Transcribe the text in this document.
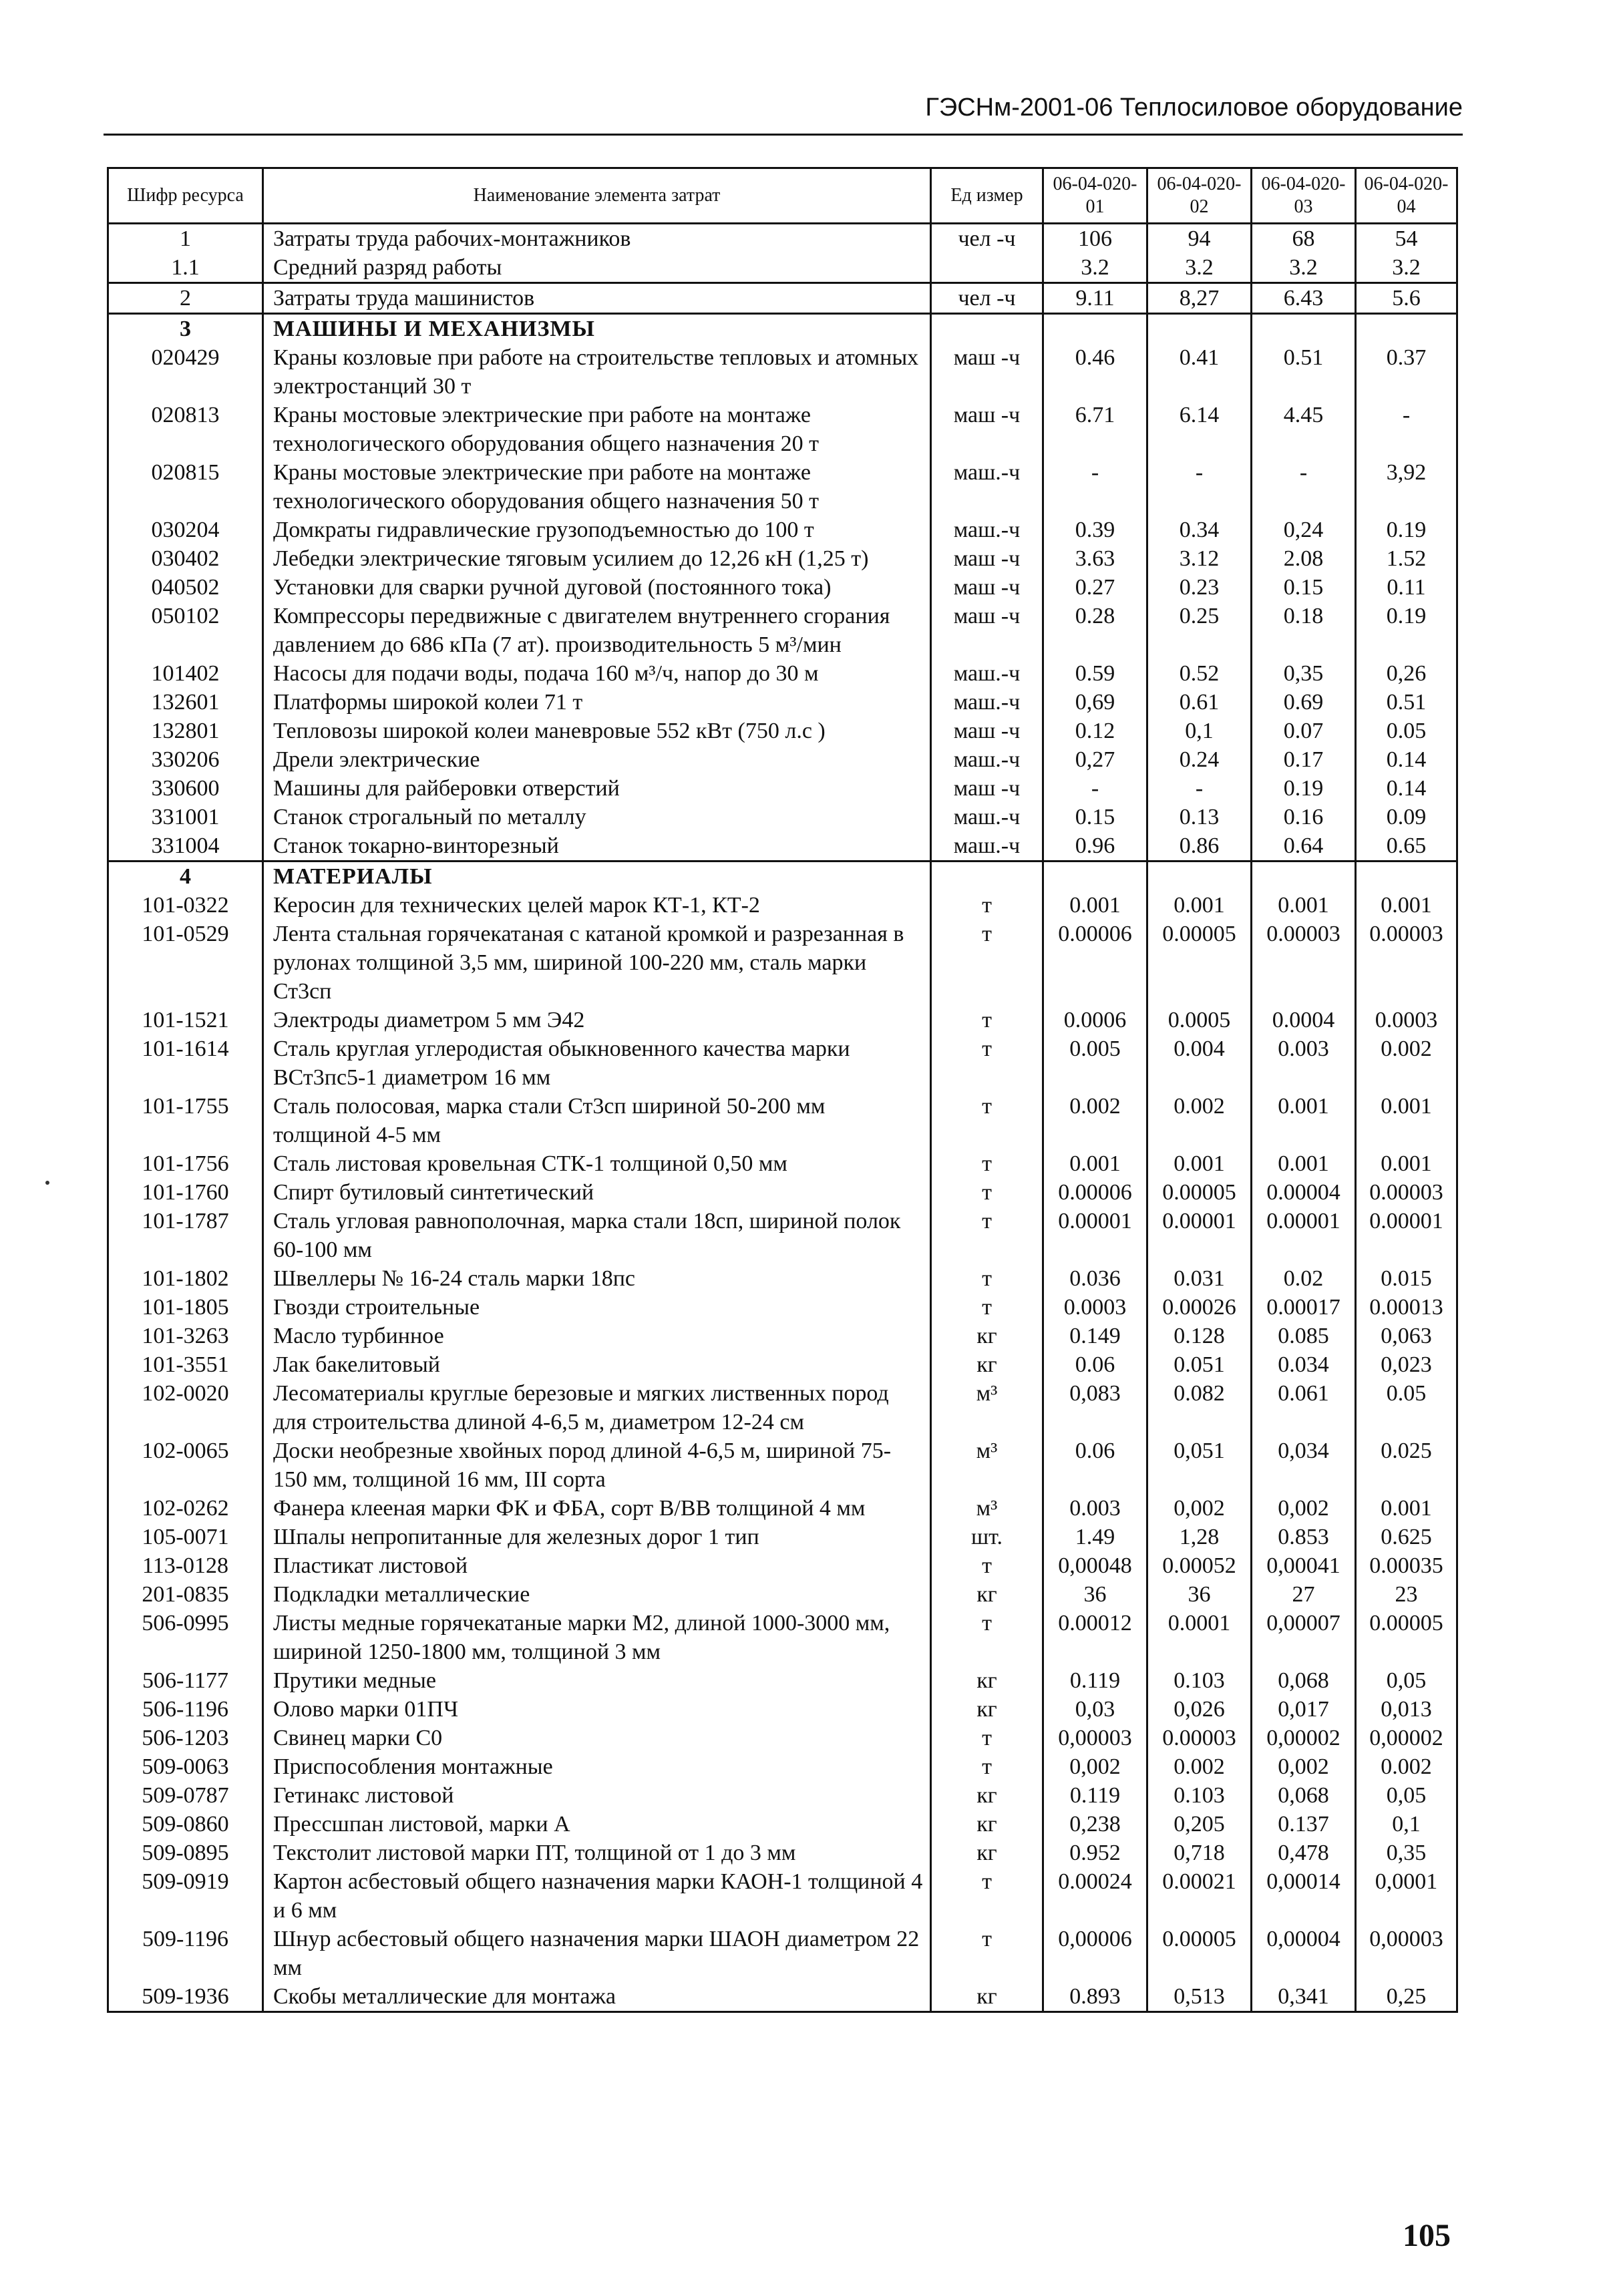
ГЭСНм-2001-06 Теплосиловое оборудование
Шифр ресурса	Наименование элемента затрат	Ед измер	06-04-020-01	06-04-020-02	06-04-020-03	06-04-020-04
1	Затраты труда рабочих-монтажников	чел -ч	106	94	68	54
1.1	Средний разряд работы		3.2	3.2	3.2	3.2
2	Затраты труда машинистов	чел -ч	9.11	8,27	6.43	5.6
3	МАШИНЫ И МЕХАНИЗМЫ					
020429	Краны козловые при работе на строительстве тепловых и атомных электростанций 30 т	маш -ч	0.46	0.41	0.51	0.37
020813	Краны мостовые электрические при работе на монтаже технологического оборудования общего назначения 20 т	маш -ч	6.71	6.14	4.45	-
020815	Краны мостовые электрические при работе на монтаже технологического оборудования общего назначения 50 т	маш.-ч	-	-	-	3,92
030204	Домкраты гидравлические грузоподъемностью до 100 т	маш.-ч	0.39	0.34	0,24	0.19
030402	Лебедки электрические тяговым усилием до 12,26 кН (1,25 т)	маш -ч	3.63	3.12	2.08	1.52
040502	Установки для сварки ручной дуговой (постоянного тока)	маш -ч	0.27	0.23	0.15	0.11
050102	Компрессоры передвижные с двигателем внутреннего сгорания давлением до 686 кПа (7 ат). производительность 5 м³/мин	маш -ч	0.28	0.25	0.18	0.19
101402	Насосы для подачи воды, подача 160 м³/ч, напор до 30 м	маш.-ч	0.59	0.52	0,35	0,26
132601	Платформы широкой колеи 71 т	маш.-ч	0,69	0.61	0.69	0.51
132801	Тепловозы широкой колеи маневровые 552 кВт (750 л.с )	маш -ч	0.12	0,1	0.07	0.05
330206	Дрели электрические	маш.-ч	0,27	0.24	0.17	0.14
330600	Машины для райберовки отверстий	маш -ч	-	-	0.19	0.14
331001	Станок строгальный по металлу	маш.-ч	0.15	0.13	0.16	0.09
331004	Станок токарно-винторезный	маш.-ч	0.96	0.86	0.64	0.65
4	МАТЕРИАЛЫ					
101-0322	Керосин для технических целей марок КТ-1, КТ-2	т	0.001	0.001	0.001	0.001
101-0529	Лента стальная горячекатаная с катаной кромкой и разрезанная в рулонах толщиной 3,5 мм, шириной 100-220 мм, сталь марки Ст3сп	т	0.00006	0.00005	0.00003	0.00003
101-1521	Электроды диаметром 5 мм Э42	т	0.0006	0.0005	0.0004	0.0003
101-1614	Сталь круглая углеродистая обыкновенного качества марки ВСт3пс5-1 диаметром 16 мм	т	0.005	0.004	0.003	0.002
101-1755	Сталь полосовая, марка стали Ст3сп шириной 50-200 мм толщиной 4-5 мм	т	0.002	0.002	0.001	0.001
101-1756	Сталь листовая кровельная СТК-1 толщиной 0,50 мм	т	0.001	0.001	0.001	0.001
101-1760	Спирт бутиловый синтетический	т	0.00006	0.00005	0.00004	0.00003
101-1787	Сталь угловая равнополочная, марка стали 18сп, шириной полок 60-100 мм	т	0.00001	0.00001	0.00001	0.00001
101-1802	Швеллеры № 16-24 сталь марки 18пс	т	0.036	0.031	0.02	0.015
101-1805	Гвозди строительные	т	0.0003	0.00026	0.00017	0.00013
101-3263	Масло турбинное	кг	0.149	0.128	0.085	0,063
101-3551	Лак бакелитовый	кг	0.06	0.051	0.034	0,023
102-0020	Лесоматериалы круглые березовые и мягких лиственных пород для строительства длиной 4-6,5 м, диаметром 12-24 см	м³	0,083	0.082	0.061	0.05
102-0065	Доски необрезные хвойных пород длиной 4-6,5 м, шириной 75-150 мм, толщиной 16 мм, III сорта	м³	0.06	0,051	0,034	0.025
102-0262	Фанера клееная марки ФК и ФБА, сорт В/ВВ толщиной 4 мм	м³	0.003	0,002	0,002	0.001
105-0071	Шпалы непропитанные для железных дорог 1 тип	шт.	1.49	1,28	0.853	0.625
113-0128	Пластикат листовой	т	0,00048	0.00052	0,00041	0.00035
201-0835	Подкладки металлические	кг	36	36	27	23
506-0995	Листы медные горячекатаные марки М2, длиной 1000-3000 мм, шириной 1250-1800 мм, толщиной 3 мм	т	0.00012	0.0001	0,00007	0.00005
506-1177	Прутики медные	кг	0.119	0.103	0,068	0,05
506-1196	Олово марки 01ПЧ	кг	0,03	0,026	0,017	0,013
506-1203	Свинец марки С0	т	0,00003	0.00003	0,00002	0,00002
509-0063	Приспособления монтажные	т	0,002	0.002	0,002	0.002
509-0787	Гетинакс листовой	кг	0.119	0.103	0,068	0,05
509-0860	Прессшпан листовой, марки А	кг	0,238	0,205	0.137	0,1
509-0895	Текстолит листовой марки ПТ, толщиной от 1 до 3 мм	кг	0.952	0,718	0,478	0,35
509-0919	Картон асбестовый общего назначения марки КАОН-1 толщиной 4 и 6 мм	т	0.00024	0.00021	0,00014	0,0001
509-1196	Шнур асбестовый общего назначения марки ШАОН диаметром 22 мм	т	0,00006	0.00005	0,00004	0,00003
509-1936	Скобы металлические для монтажа	кг	0.893	0,513	0,341	0,25
105
